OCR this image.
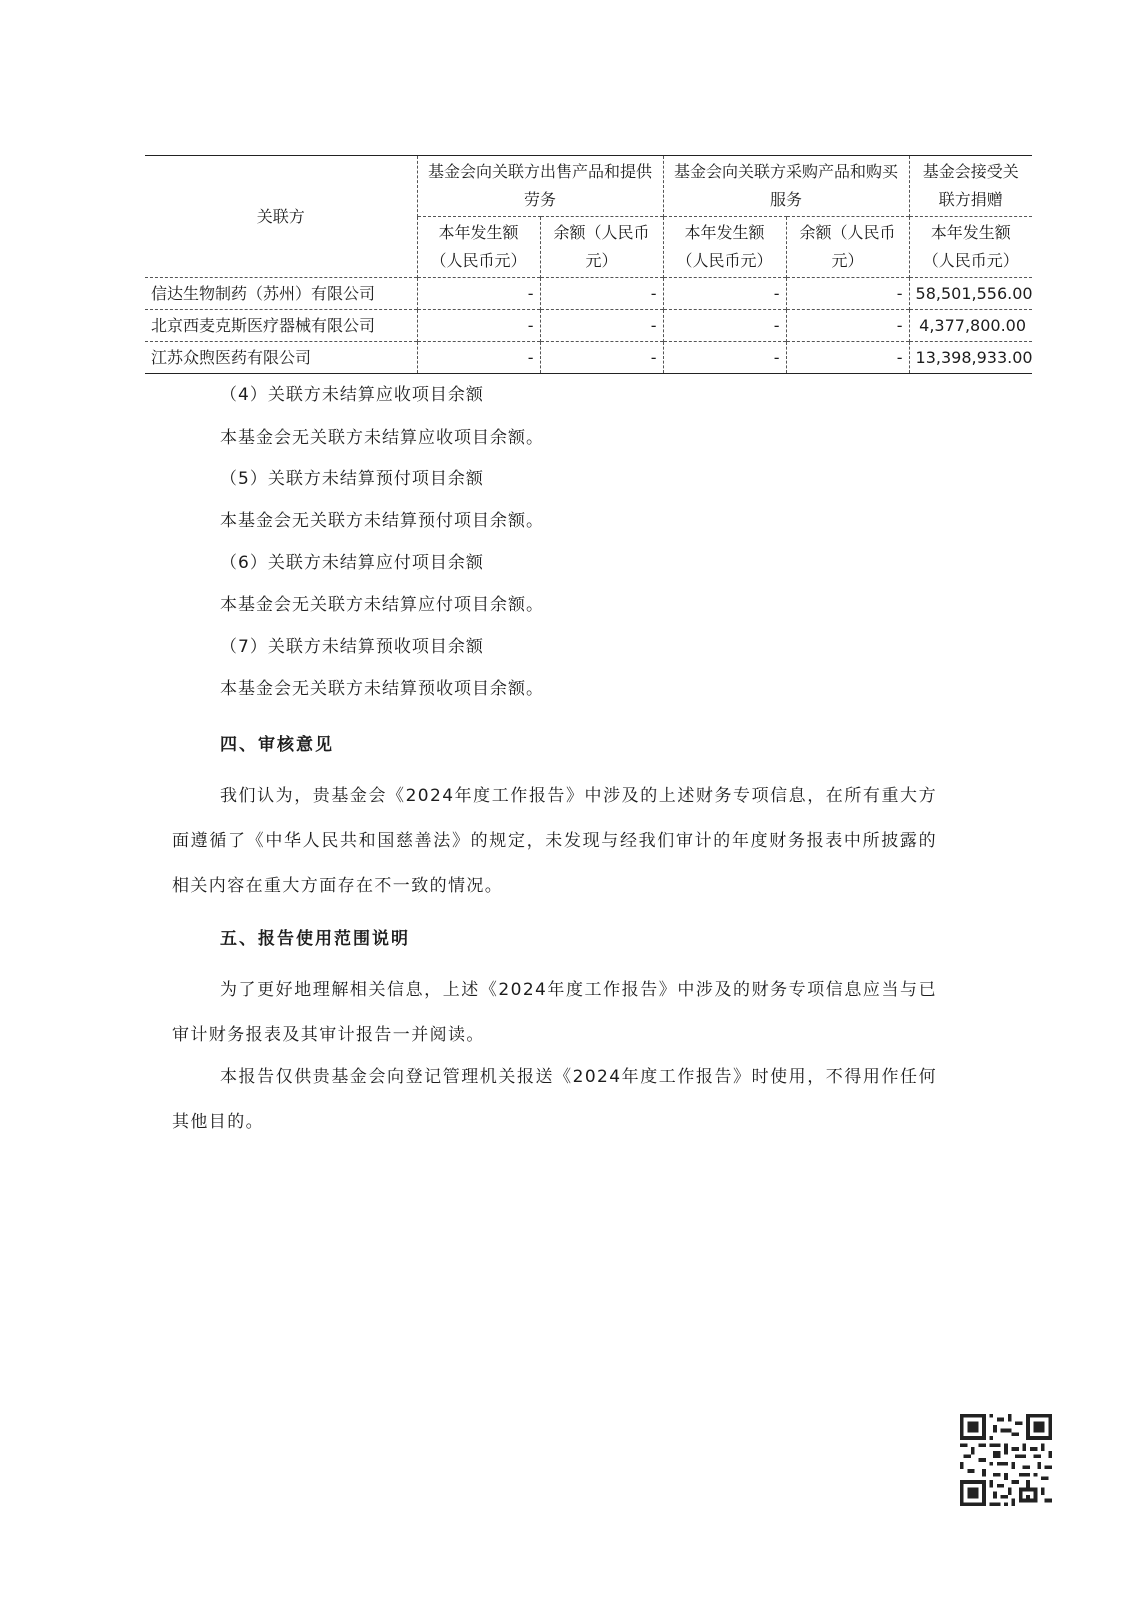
关联方	基金会向关联方出售产品和提供劳务		基金会向关联方采购产品和购买服务		基金会接受关联方捐赠
	本年发生额（人民币元）	余额（人民币元）	本年发生额（人民币元）	余额（人民币元）	本年发生额（人民币元）
信达生物制药（苏州）有限公司	-	-	-	-	58,501,556.00
北京西麦克斯医疗器械有限公司	-	-	-	-	4,377,800.00
江苏众煦医药有限公司	-	-	-	-	13,398,933.00
（4）关联方未结算应收项目余额
本基金会无关联方未结算应收项目余额。
（5）关联方未结算预付项目余额
本基金会无关联方未结算预付项目余额。
（6）关联方未结算应付项目余额
本基金会无关联方未结算应付项目余额。
（7）关联方未结算预收项目余额
本基金会无关联方未结算预收项目余额。
四、审核意见
我们认为，贵基金会《2024年度工作报告》中涉及的上述财务专项信息，在所有重大方面遵循了《中华人民共和国慈善法》的规定，未发现与经我们审计的年度财务报表中所披露的相关内容在重大方面存在不一致的情况。
五、报告使用范围说明
为了更好地理解相关信息，上述《2024年度工作报告》中涉及的财务专项信息应当与已审计财务报表及其审计报告一并阅读。
本报告仅供贵基金会向登记管理机关报送《2024年度工作报告》时使用，不得用作任何其他目的。
